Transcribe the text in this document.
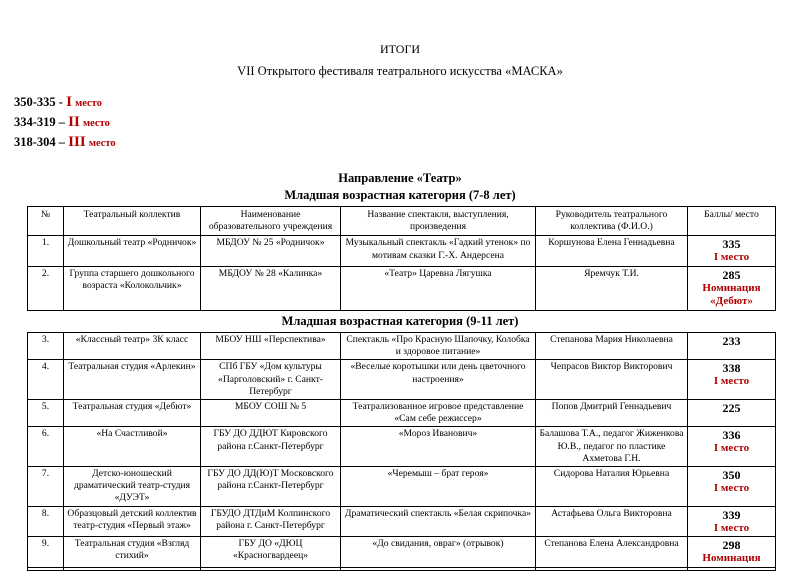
ИТОГИ
VII Открытого фестиваля театрального искусства «МАСКА»
350-335 - I место
334-319 – II место
318-304 – III место
Направление «Театр»
Младшая возрастная категория (7-8 лет)
№	Театральный коллектив	Наименование образовательного учреждения	Название спектакля, выступления, произведения	Руководитель театрального коллектива (Ф.И.О.)	Баллы/ место
1.	Дошкольный театр «Родничок»	МБДОУ № 25 «Родничок»	Музыкальный спектакль «Гадкий утенок» по мотивам сказки Г.-Х. Андерсена	Коршунова Елена Геннадьевна	335
I место

2.	Группа старшего дошкольного возраста «Колокольчик»	МБДОУ № 28 «Калинка»	«Театр» Царевна Лягушка	Яремчук Т.И.	285
Номинация «Дебют»
Младшая возрастная категория (9-11 лет)
3.	«Классный театр» 3К класс	МБОУ НШ «Перспектива»	Спектакль «Про Красную Шапочку, Колобка и здоровое питание»	Степанова Мария Николаевна	233

4.	Театральная студия «Арлекин»	СПб ГБУ «Дом культуры «Парголовский» г. Санкт- Петербург	«Веселые коротышки или день цветочного настроения»	Чепрасов Виктор Викторович	338
I место

5.	Театральная студия «Дебют»	МБОУ СОШ № 5	Театрализованное игровое представление «Сам себе режиссер»	Попов Дмитрий Геннадьевич	225

6.	«На Счастливой»	ГБУ ДО ДДЮТ Кировского района г.Санкт-Петербург	«Мороз Иванович»	Балашова Т.А., педагог Жиженкова Ю.В., педагог по пластике Ахметова Г.Н.	336
I место

7.	Детско-юношеский драматический театр-студия «ДУЭТ»	ГБУ ДО ДД(Ю)Т Московского района г.Санкт-Петербург	«Черемыш – брат героя»	Сидорова Наталия Юрьевна	350
I место

8.	Образцовый детский коллектив театр-студия «Первый этаж»	ГБУДО ДТДиМ Колпинского района г. Санкт-Петербург	Драматический спектакль «Белая скрипочка»	Астафьева Ольга Викторовна	339
I место

9.	Театральная студия «Взгляд стихий»	ГБУ ДО «ДЮЦ «Красногвардеец»	«До свидания, овраг» (отрывок)	Степанова Елена Александровна	298
Номинация
